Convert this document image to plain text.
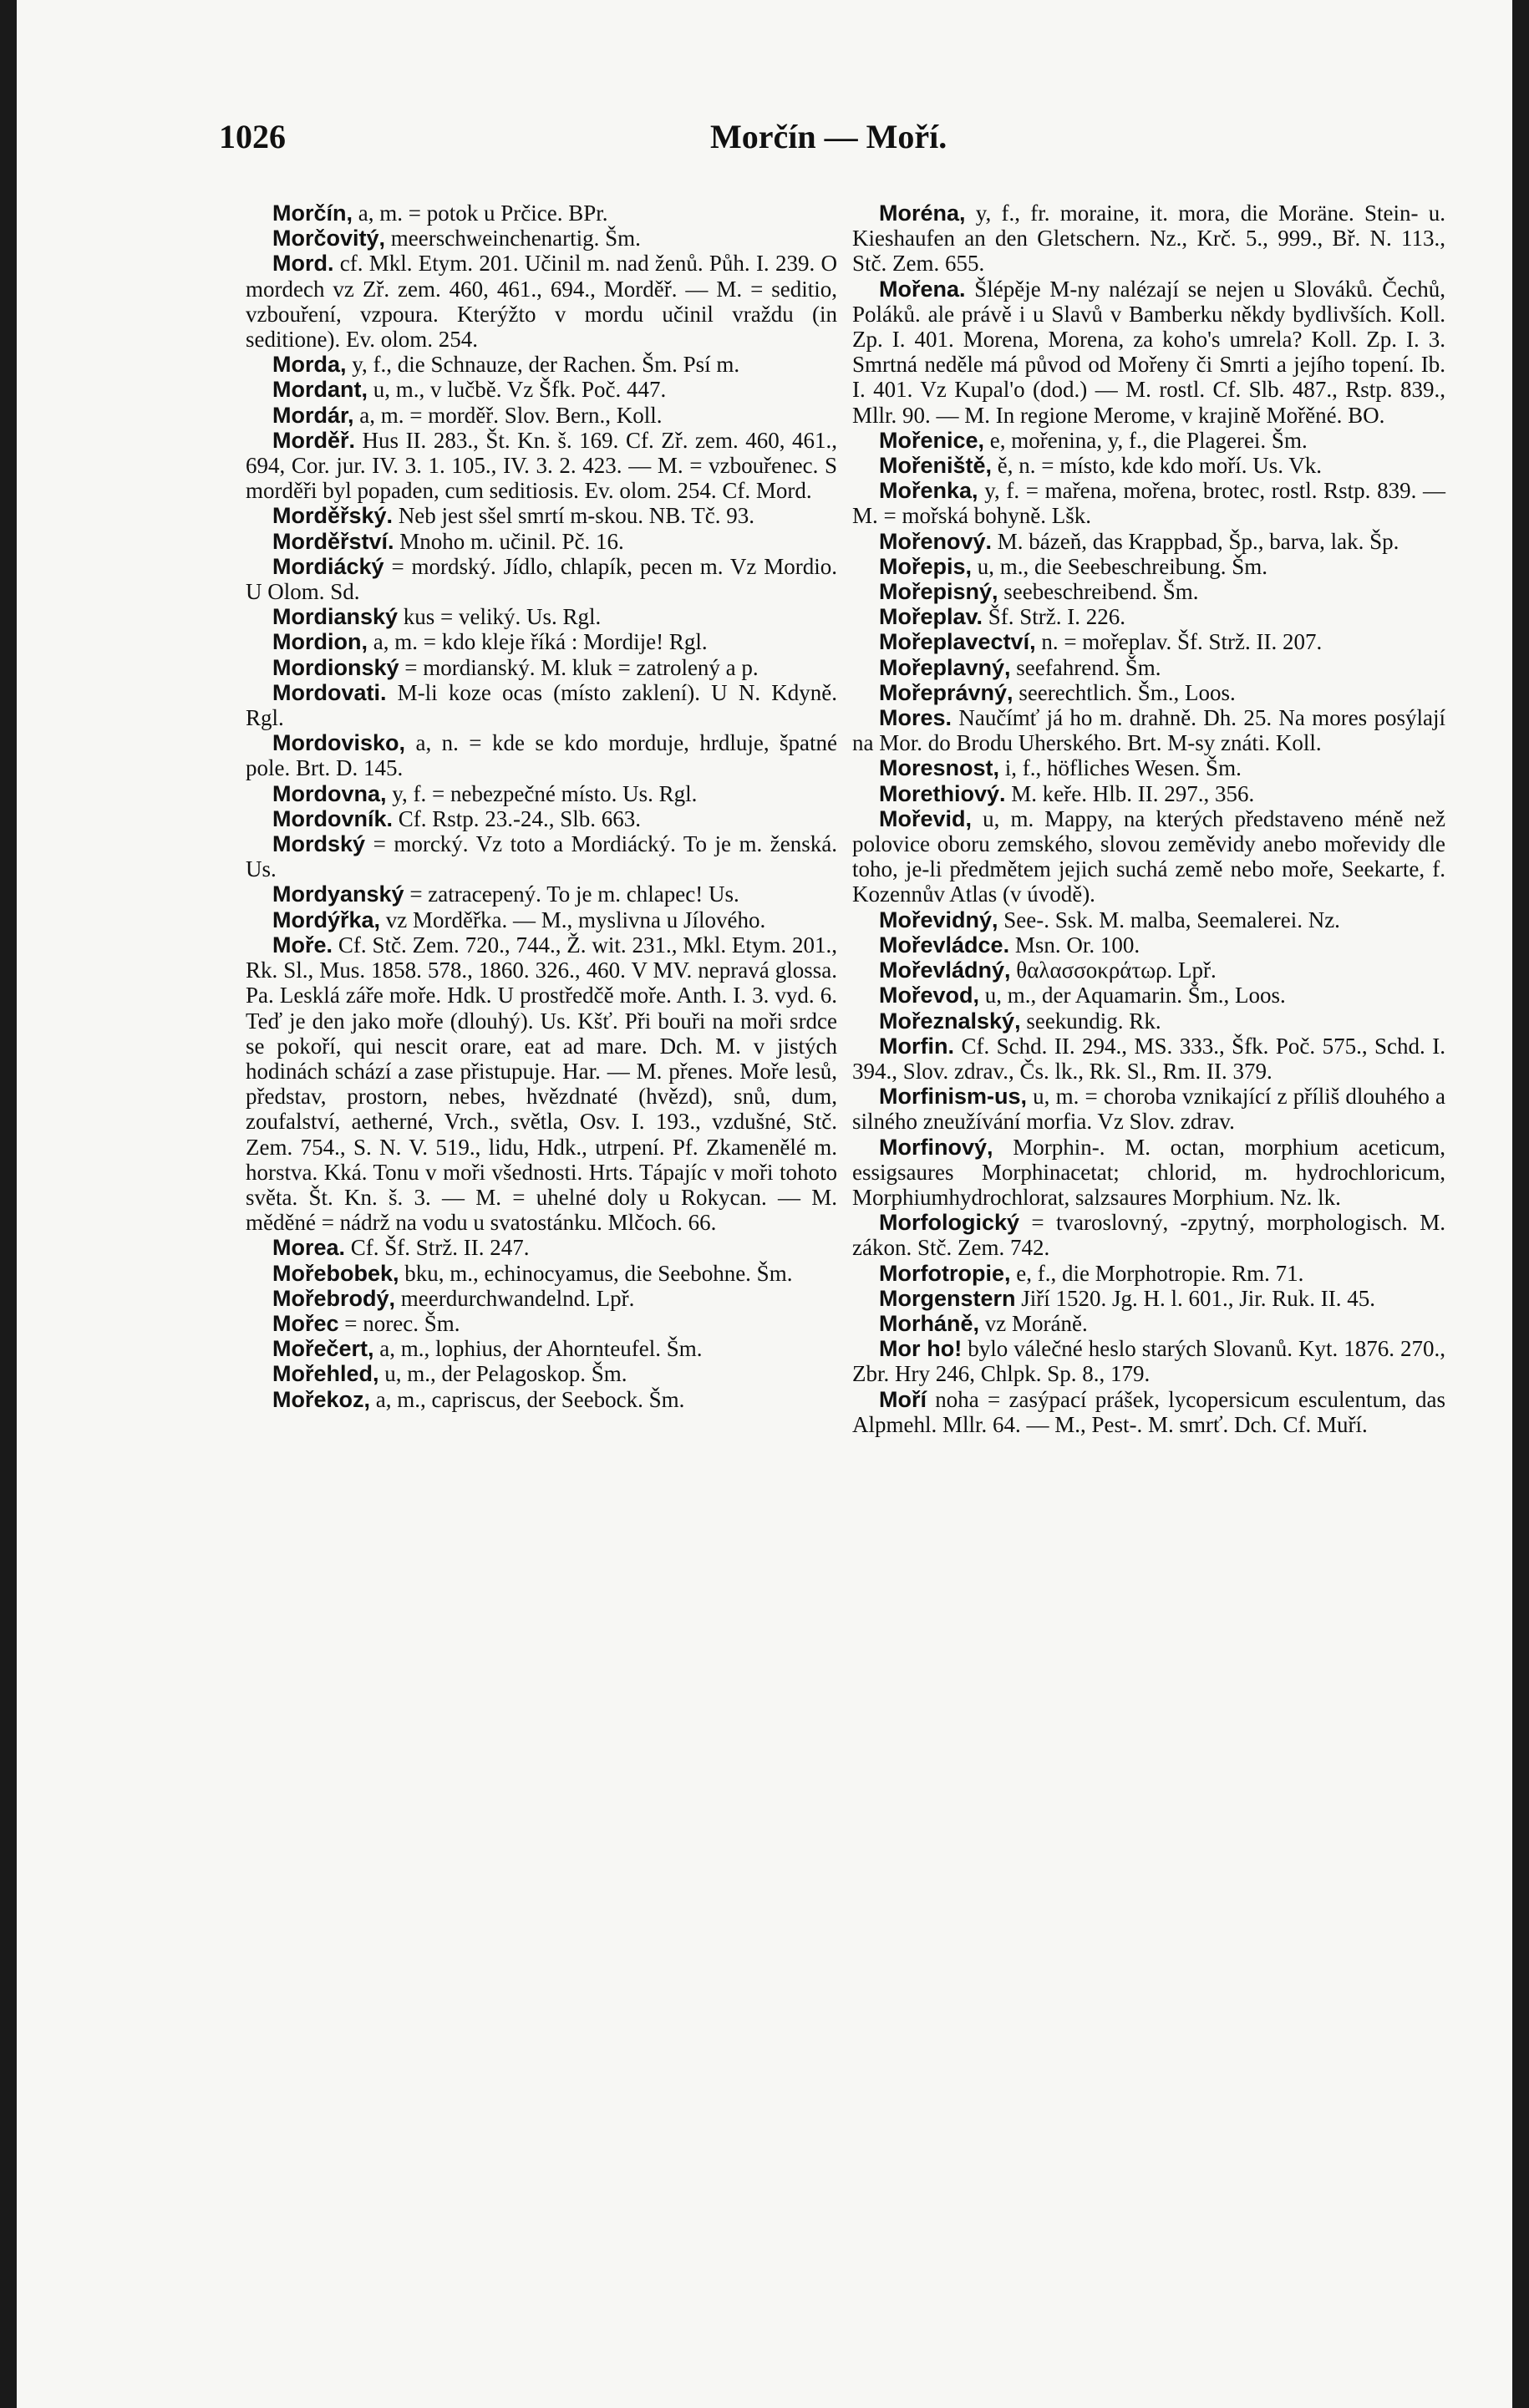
1026	Morčín — Moří.

Morčín, a, m. = potok u Prčice. BPr.

Morčovitý, meerschweinchenartig. Šm.

Mord. cf. Mkl. Etym. 201. Učinil m. nad ženů. Půh. I. 239. O mordech vz Zř. zem. 460, 461., 694., Morděř. — M. = seditio, vzbouření, vzpoura. Kterýžto v mordu učinil vraždu (in seditione). Ev. olom. 254.

Morda, y, f., die Schnauze, der Rachen. Šm. Psí m.

Mordant, u, m., v lučbě. Vz Šfk. Poč. 447.

Mordár, a, m. = morděř. Slov. Bern., Koll.

Morděř. Hus II. 283., Št. Kn. š. 169. Cf. Zř. zem. 460, 461., 694, Cor. jur. IV. 3. 1. 105., IV. 3. 2. 423. — M. = vzbouřenec. S morděři byl popaden, cum seditiosis. Ev. olom. 254. Cf. Mord.

Morděřský. Neb jest sšel smrtí m-skou. NB. Tč. 93.

Morděřství. Mnoho m. učinil. Pč. 16.

Mordiácký = mordský. Jídlo, chlapík, pecen m. Vz Mordio. U Olom. Sd.

Mordianský kus = veliký. Us. Rgl.

Mordion, a, m. = kdo kleje říká : Mordije! Rgl.

Mordionský = mordianský. M. kluk = zatrolený a p.

Mordovati. M-li koze ocas (místo zaklení). U N. Kdyně. Rgl.

Mordovisko, a, n. = kde se kdo morduje, hrdluje, špatné pole. Brt. D. 145.

Mordovna, y, f. = nebezpečné místo. Us. Rgl.

Mordovník. Cf. Rstp. 23.-24., Slb. 663.

Mordský = morcký. Vz toto a Mordiácký. To je m. ženská. Us.

Mordyanský = zatracepený. To je m. chlapec! Us.

Mordýřka, vz Morděřka. — M., myslivna u Jílového.

Moře. Cf. Stč. Zem. 720., 744., Ž. wit. 231., Mkl. Etym. 201., Rk. Sl., Mus. 1858. 578., 1860. 326., 460. V MV. nepravá glossa. Pa. Lesklá záře moře. Hdk. U prostředčě moře. Anth. I. 3. vyd. 6. Teď je den jako moře (dlouhý). Us. Kšť. Při bouři na moři srdce se pokoří, qui nescit orare, eat ad mare. Dch. M. v jistých hodinách schází a zase přistupuje. Har. — M. přenes. Moře lesů, představ, prostorn, nebes, hvězdnaté (hvězd), snů, dum, zoufalství, aetherné, Vrch., světla, Osv. I. 193., vzdušné, Stč. Zem. 754., S. N. V. 519., lidu, Hdk., utrpení. Pf. Zkamenělé m. horstva. Kká. Tonu v moři všednosti. Hrts. Tápajíc v moři tohoto světa. Št. Kn. š. 3. — M. = uhelné doly u Rokycan. — M. měděné = nádrž na vodu u svatostánku. Mlčoch. 66.

Morea. Cf. Šf. Strž. II. 247.

Mořebobek, bku, m., echinocyamus, die Seebohne. Šm.

Mořebrodý, meerdurchwandelnd. Lpř.

Mořec = norec. Šm.

Mořečert, a, m., lophius, der Ahornteufel. Šm.

Mořehled, u, m., der Pelagoskop. Šm.

Mořekoz, a, m., capriscus, der Seebock. Šm.

Moréna, y, f., fr. moraine, it. mora, die Moräne. Stein- u. Kieshaufen an den Gletschern. Nz., Krč. 5., 999., Bř. N. 113., Stč. Zem. 655.

Mořena. Šlépěje M-ny nalézají se nejen u Slováků. Čechů, Poláků. ale právě i u Slavů v Bamberku někdy bydlivších. Koll. Zp. I. 401. Morena, Morena, za koho's umrela? Koll. Zp. I. 3. Smrtná neděle má původ od Mořeny či Smrti a jejího topení. Ib. I. 401. Vz Kupal'o (dod.) — M. rostl. Cf. Slb. 487., Rstp. 839., Mllr. 90. — M. In regione Merome, v krajině Mořěné. BO.

Mořenice, e, mořenina, y, f., die Plagerei. Šm.

Mořeniště, ě, n. = místo, kde kdo moří. Us. Vk.

Mořenka, y, f. = mařena, mořena, brotec, rostl. Rstp. 839. — M. = mořská bohyně. Lšk.

Mořenový. M. bázeň, das Krappbad, Šp., barva, lak. Šp.

Mořepis, u, m., die Seebeschreibung. Šm.

Mořepisný, seebeschreibend. Šm.

Mořeplav. Šf. Strž. I. 226.

Mořeplavectví, n. = mořeplav. Šf. Strž. II. 207.

Mořeplavný, seefahrend. Šm.

Mořeprávný, seerechtlich. Šm., Loos.

Mores. Naučímť já ho m. drahně. Dh. 25. Na mores posýlají na Mor. do Brodu Uherského. Brt. M-sy znáti. Koll.

Moresnost, i, f., höfliches Wesen. Šm.

Morethiový. M. keře. Hlb. II. 297., 356.

Mořevid, u, m. Mappy, na kterých představeno méně než polovice oboru zemského, slovou zeměvidy anebo mořevidy dle toho, je-li předmětem jejich suchá země nebo moře, Seekarte, f. Kozennův Atlas (v úvodě).

Mořevidný, See-. Ssk. M. malba, Seemalerei. Nz.

Mořevládce. Msn. Or. 100.

Mořevládný, θαλασσοκράτωρ. Lpř.

Mořevod, u, m., der Aquamarin. Šm., Loos.

Mořeznalský, seekundig. Rk.

Morfin. Cf. Schd. II. 294., MS. 333., Šfk. Poč. 575., Schd. I. 394., Slov. zdrav., Čs. lk., Rk. Sl., Rm. II. 379.

Morfinism-us, u, m. = choroba vznikající z příliš dlouhého a silného zneužívání morfia. Vz Slov. zdrav.

Morfinový, Morphin-. M. octan, morphium aceticum, essigsaures Morphinacetat; chlorid, m. hydrochloricum, Morphiumhydrochlorat, salzsaures Morphium. Nz. lk.

Morfologický = tvaroslovný, -zpytný, morphologisch. M. zákon. Stč. Zem. 742.

Morfotropie, e, f., die Morphotropie. Rm. 71.

Morgenstern Jiří 1520. Jg. H. l. 601., Jir. Ruk. II. 45.

Morháně, vz Moráně.

Mor ho! bylo válečné heslo starých Slovanů. Kyt. 1876. 270., Zbr. Hry 246, Chlpk. Sp. 8., 179.

Moří noha = zasýpací prášek, lycopersicum esculentum, das Alpmehl. Mllr. 64. — M., Pest-. M. smrť. Dch. Cf. Muří.
